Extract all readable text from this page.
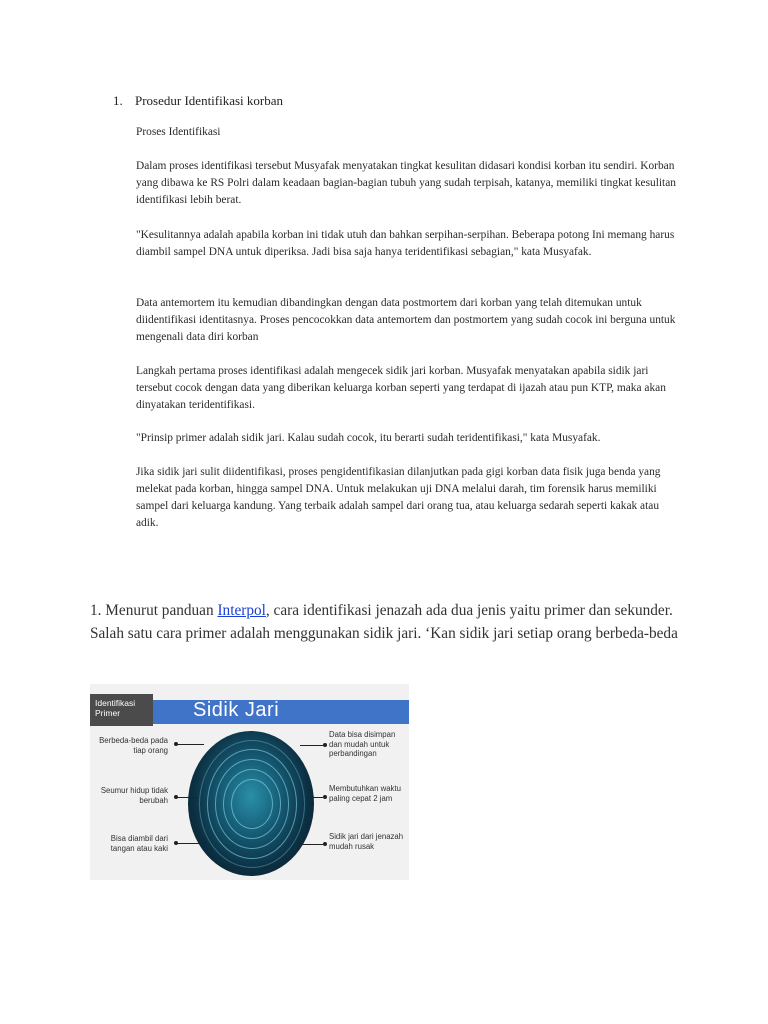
1. Prosedur Identifikasi korban
Proses Identifikasi
Dalam proses identifikasi tersebut Musyafak menyatakan tingkat kesulitan didasari kondisi korban itu sendiri. Korban yang dibawa ke RS Polri dalam keadaan bagian-bagian tubuh yang sudah terpisah, katanya, memiliki tingkat kesulitan identifikasi lebih berat.
"Kesulitannya adalah apabila korban ini tidak utuh dan bahkan serpihan-serpihan. Beberapa potong Ini memang harus diambil sampel DNA untuk diperiksa. Jadi bisa saja hanya teridentifikasi sebagian," kata Musyafak.
Data antemortem itu kemudian dibandingkan dengan data postmortem dari korban yang telah ditemukan untuk diidentifikasi identitasnya. Proses pencocokkan data antemortem dan postmortem yang sudah cocok ini berguna untuk mengenali data diri korban
Langkah pertama proses identifikasi adalah mengecek sidik jari korban. Musyafak menyatakan apabila sidik jari tersebut cocok dengan data yang diberikan keluarga korban seperti yang terdapat di ijazah atau pun KTP, maka akan dinyatakan teridentifikasi.
"Prinsip primer adalah sidik jari. Kalau sudah cocok, itu berarti sudah teridentifikasi," kata Musyafak.
Jika sidik jari sulit diidentifikasi, proses pengidentifikasian dilanjutkan pada gigi korban data fisik juga benda yang melekat pada korban, hingga sampel DNA. Untuk melakukan uji DNA melalui darah, tim forensik harus memiliki sampel dari keluarga kandung. Yang terbaik adalah sampel dari orang tua, atau keluarga sedarah seperti kakak atau adik.
1. Menurut panduan Interpol, cara identifikasi jenazah ada dua jenis yaitu primer dan sekunder. Salah satu cara primer adalah menggunakan sidik jari. ‘Kan sidik jari setiap orang berbeda-beda
Sidik Jari
Identifikasi Primer
Berbeda-beda pada tiap orang
Seumur hidup tidak berubah
Bisa diambil dari tangan atau kaki
Data bisa disimpan dan mudah untuk perbandingan
Membutuhkan waktu paling cepat 2 jam
Sidik jari dari jenazah mudah rusak
